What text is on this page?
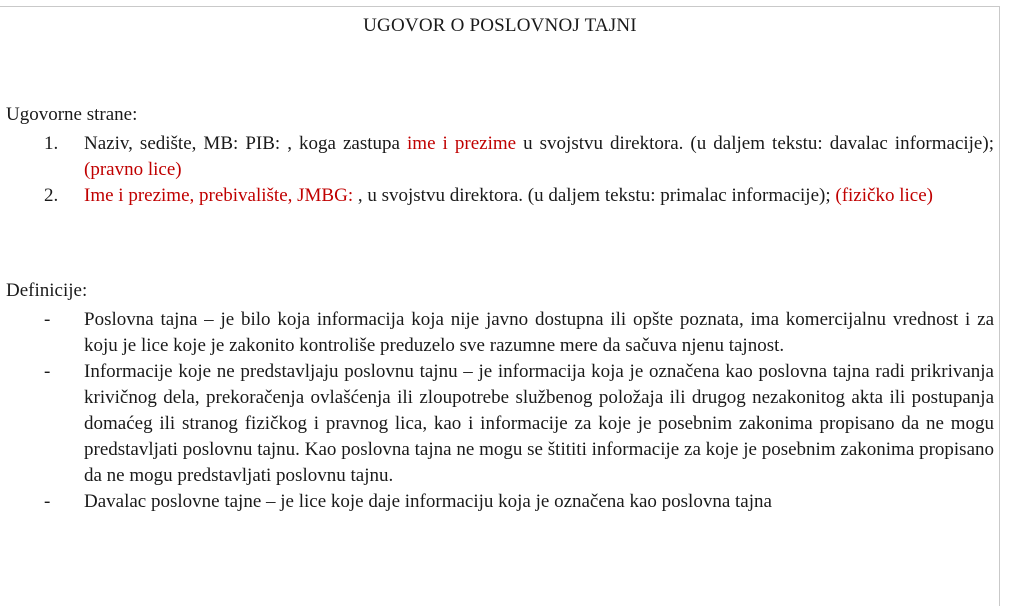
UGOVOR O POSLOVNOJ TAJNI
Ugovorne strane:
1.	Naziv, sedište, MB: PIB: , koga zastupa ime i prezime u svojstvu direktora. (u daljem tekstu: davalac informacije); (pravno lice)
2.	Ime i prezime, prebivalište, JMBG: , u svojstvu direktora. (u daljem tekstu: primalac informacije); (fizičko lice)
Definicije:
-	Poslovna tajna – je bilo koja informacija koja nije javno dostupna ili opšte poznata, ima komercijalnu vrednost i za koju je lice koje je zakonito kontroliše preduzelo sve razumne mere da sačuva njenu tajnost.
-	Informacije koje ne predstavljaju poslovnu tajnu – je informacija koja je označena kao poslovna tajna radi prikrivanja krivičnog dela, prekoračenja ovlašćenja ili zloupotrebe službenog položaja ili drugog nezakonitog akta ili postupanja domaćeg ili stranog fizičkog i pravnog lica, kao i informacije za koje je posebnim zakonima propisano da ne mogu predstavljati poslovnu tajnu. Kao poslovna tajna ne mogu se štititi informacije za koje je posebnim zakonima propisano da ne mogu predstavljati poslovnu tajnu.
-	Davalac poslovne tajne – je lice koje daje informaciju koja je označena kao poslovna tajna
